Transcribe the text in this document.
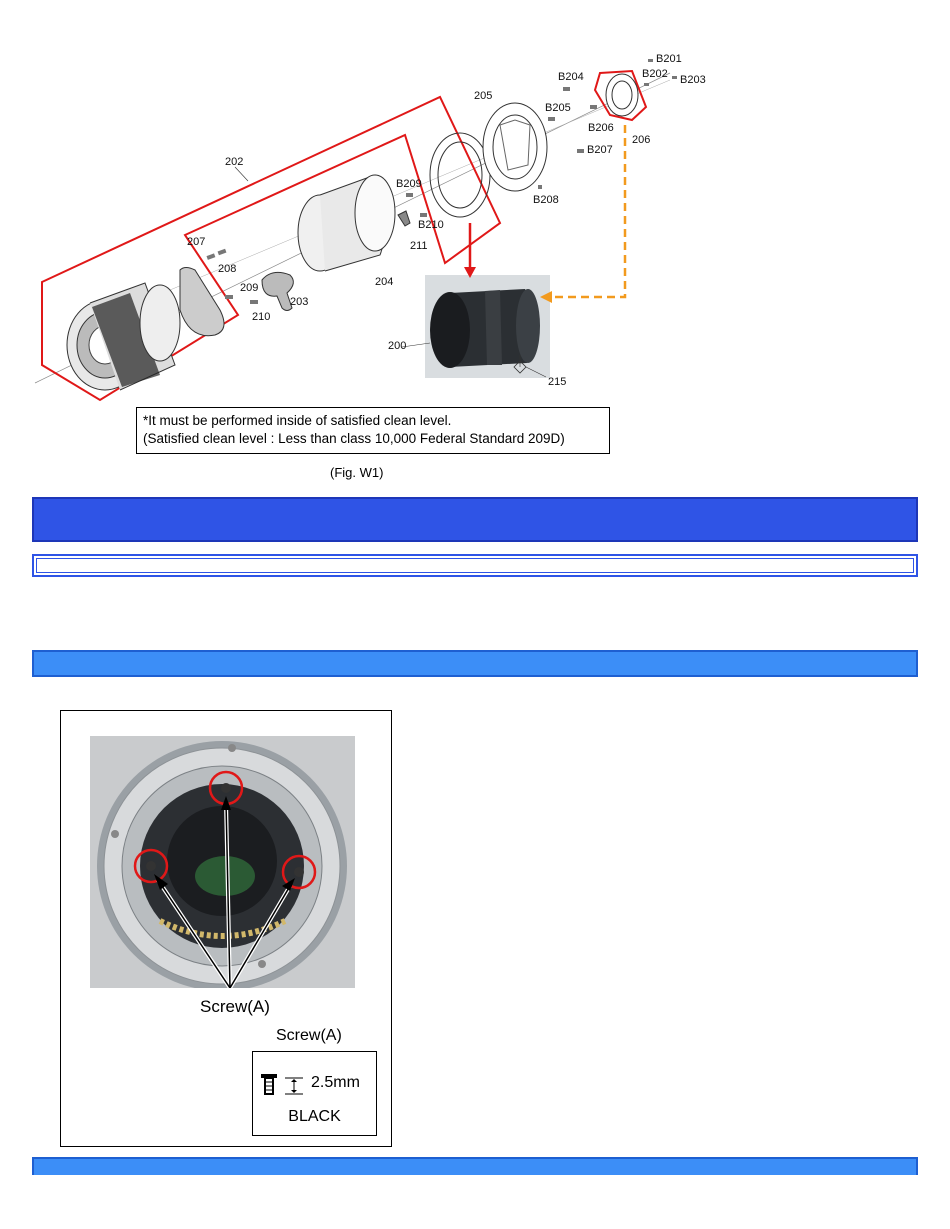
202
200
203
204
205
206
207
208
209
210
211
215
B201
B202 B203
B204
B205
B206
B207
B208
B209
B210
*It must be performed inside of satisfied clean level.
(Satisfied clean level : Less than class 10,000 Federal Standard 209D)
(Fig. W1)
Screw(A)
Screw(A)
2.5mm
BLACK
